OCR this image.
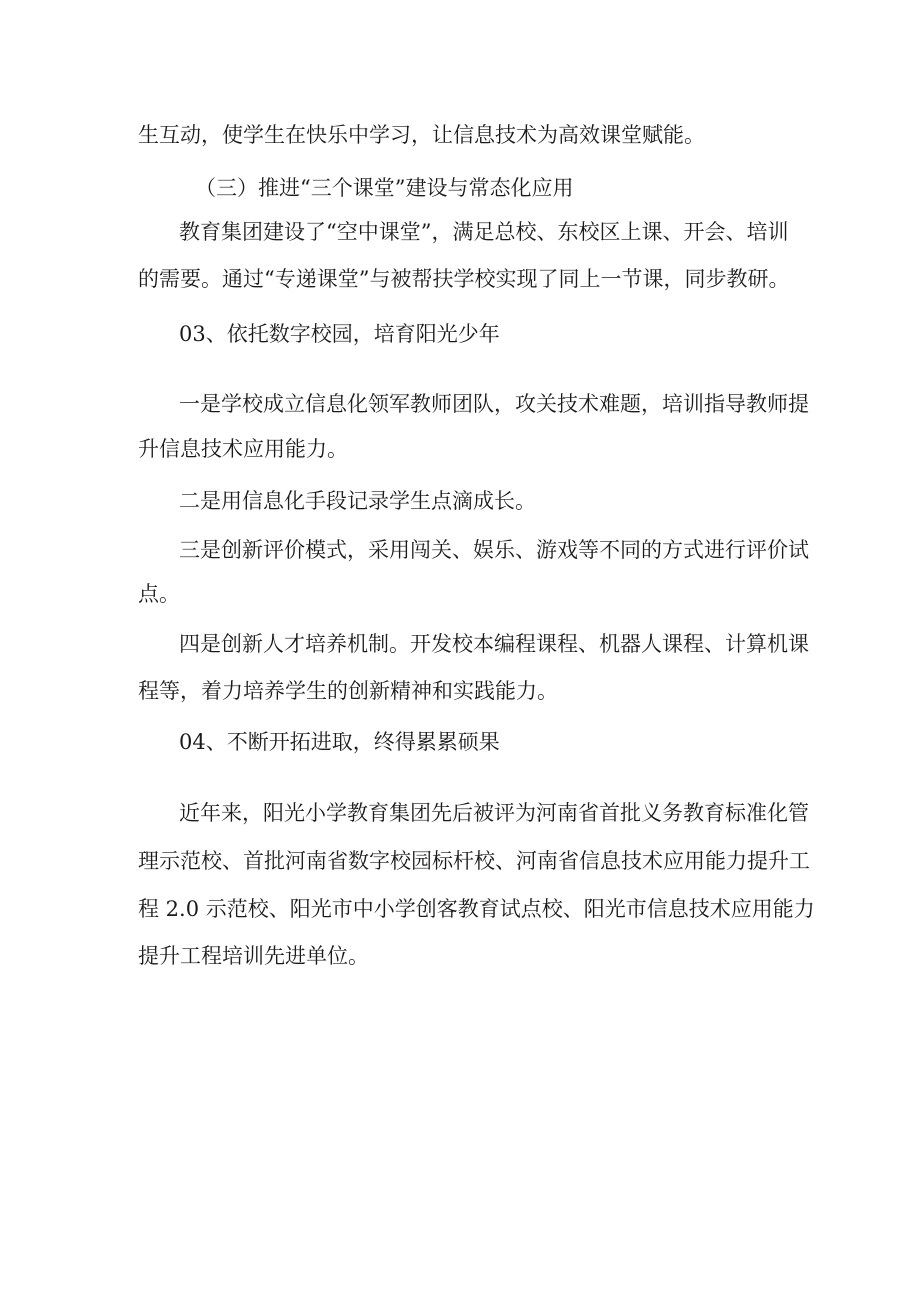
生互动，使学生在快乐中学习，让信息技术为高效课堂赋能。
（三）推进“三个课堂”建设与常态化应用
教育集团建设了“空中课堂”，满足总校、东校区上课、开会、培训
的需要。通过“专递课堂”与被帮扶学校实现了同上一节课，同步教研。
03、依托数字校园，培育阳光少年
一是学校成立信息化领军教师团队，攻关技术难题，培训指导教师提
升信息技术应用能力。
二是用信息化手段记录学生点滴成长。
三是创新评价模式，采用闯关、娱乐、游戏等不同的方式进行评价试
点。
四是创新人才培养机制。开发校本编程课程、机器人课程、计算机课
程等，着力培养学生的创新精神和实践能力。
04、不断开拓进取，终得累累硕果
近年来，阳光小学教育集团先后被评为河南省首批义务教育标准化管
理示范校、首批河南省数字校园标杆校、河南省信息技术应用能力提升工
程 2.0 示范校、阳光市中小学创客教育试点校、阳光市信息技术应用能力
提升工程培训先进单位。
